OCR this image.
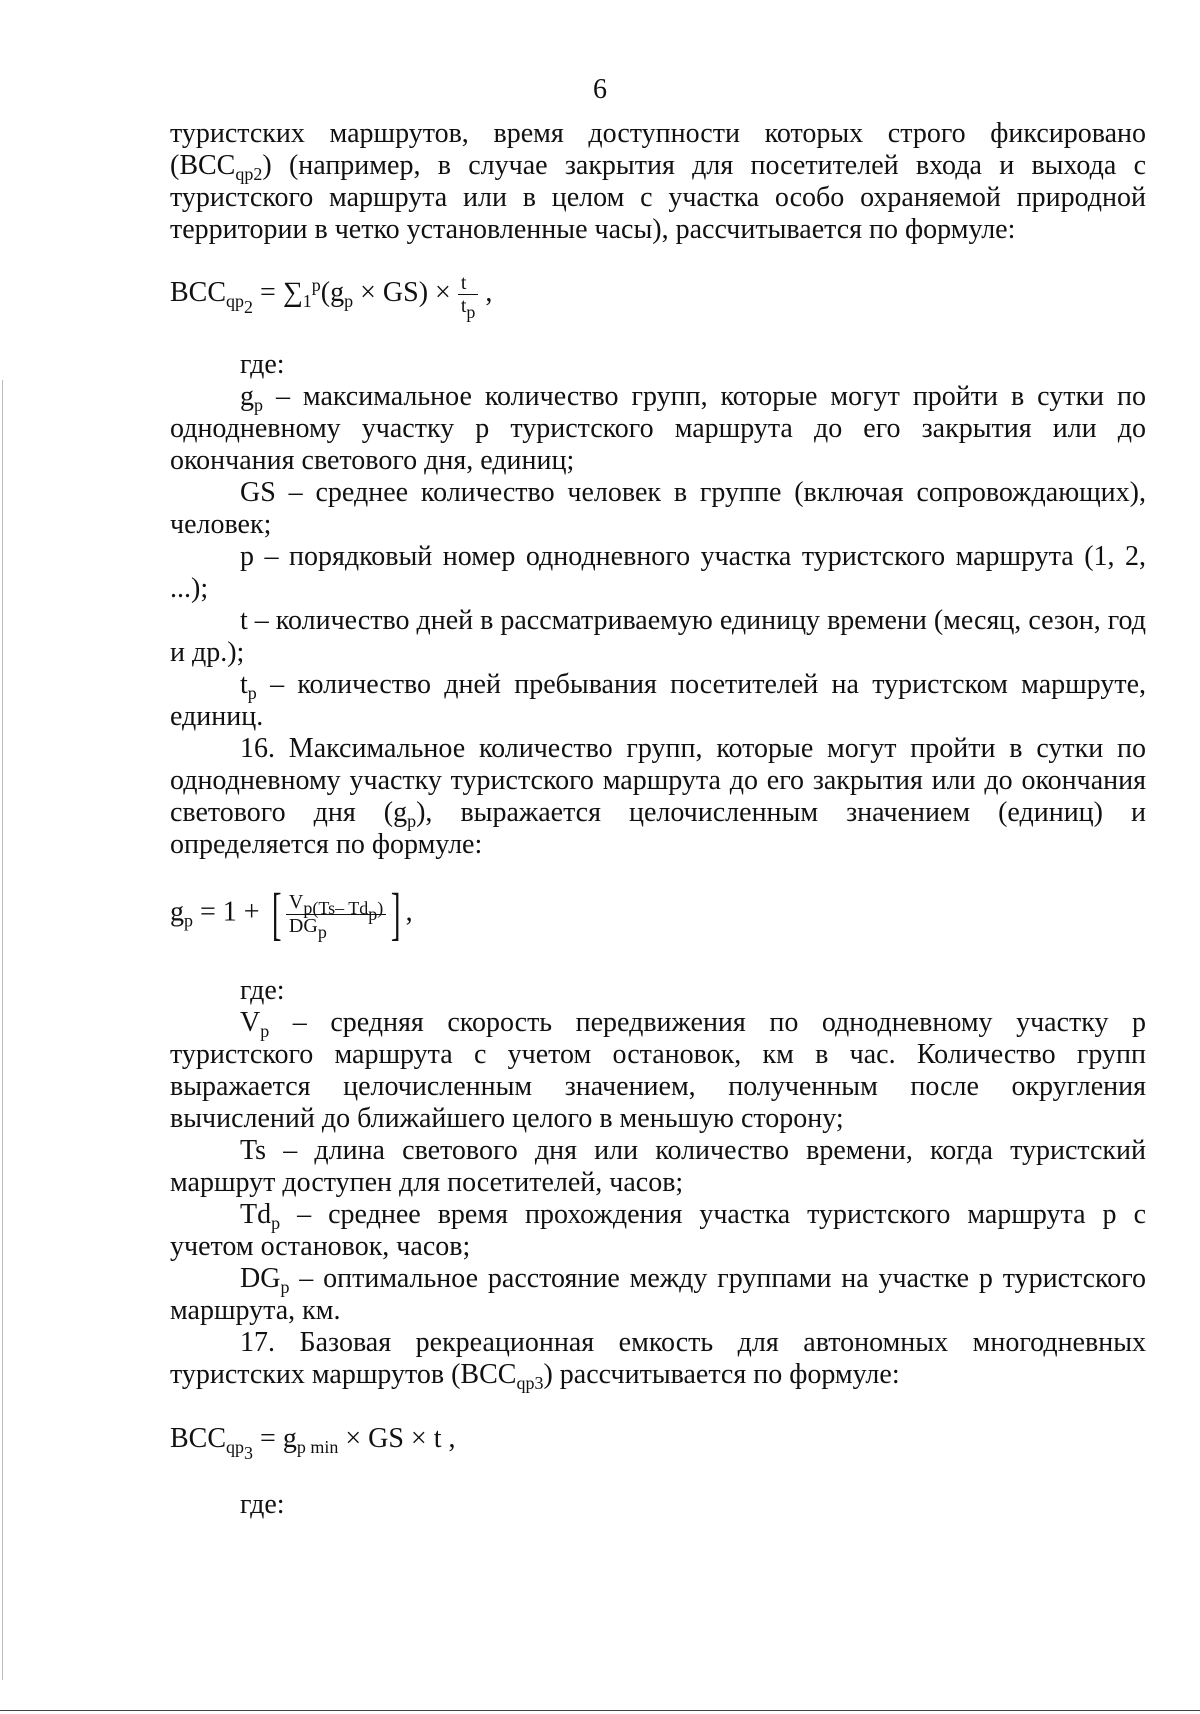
6

туристских маршрутов, время доступности которых строго фиксировано $(BCC_{qp2})$ (например, в случае закрытия для посетителей входа и выхода с туристского маршрута или в целом с участка особо охраняемой природной территории в четко установленные часы), рассчитывается по формуле:

$BCC_{qp_2} = \sum_1^p(g_p \times GS) \times \frac{t}{t_p}$ ,

где:

$g_p$ – максимальное количество групп, которые могут пройти в сутки по однодневному участку p туристского маршрута до его закрытия или до окончания светового дня, единиц;

GS – среднее количество человек в группе (включая сопровождающих), человек;

p – порядковый номер однодневного участка туристского маршрута (1, 2, ...);

t – количество дней в рассматриваемую единицу времени (месяц, сезон, год и др.);

$t_p$ – количество дней пребывания посетителей на туристском маршруте, единиц.

16. Максимальное количество групп, которые могут пройти в сутки по однодневному участку туристского маршрута до его закрытия или до окончания светового дня $(g_p)$, выражается целочисленным значением (единиц) и определяется по формуле:

$g_p = 1$ + [ $\frac{V_{p(Ts- Td_p)}}{DG_p}$ ] ,

где:

$V_p$ – средняя скорость передвижения по однодневному участку p туристского маршрута с учетом остановок, км в час. Количество групп выражается целочисленным значением, полученным после округления вычислений до ближайшего целого в меньшую сторону;

Ts – длина светового дня или количество времени, когда туристский маршрут доступен для посетителей, часов;

$Td_p$ – среднее время прохождения участка туристского маршрута p с учетом остановок, часов;

$DG_p$ – оптимальное расстояние между группами на участке p туристского маршрута, км.

17. Базовая рекреационная емкость для автономных многодневных туристских маршрутов $(BCC_{qp3})$ рассчитывается по формуле:

$BCC_{qp_3} = g_{p min}$ × GS × t ,

где:
